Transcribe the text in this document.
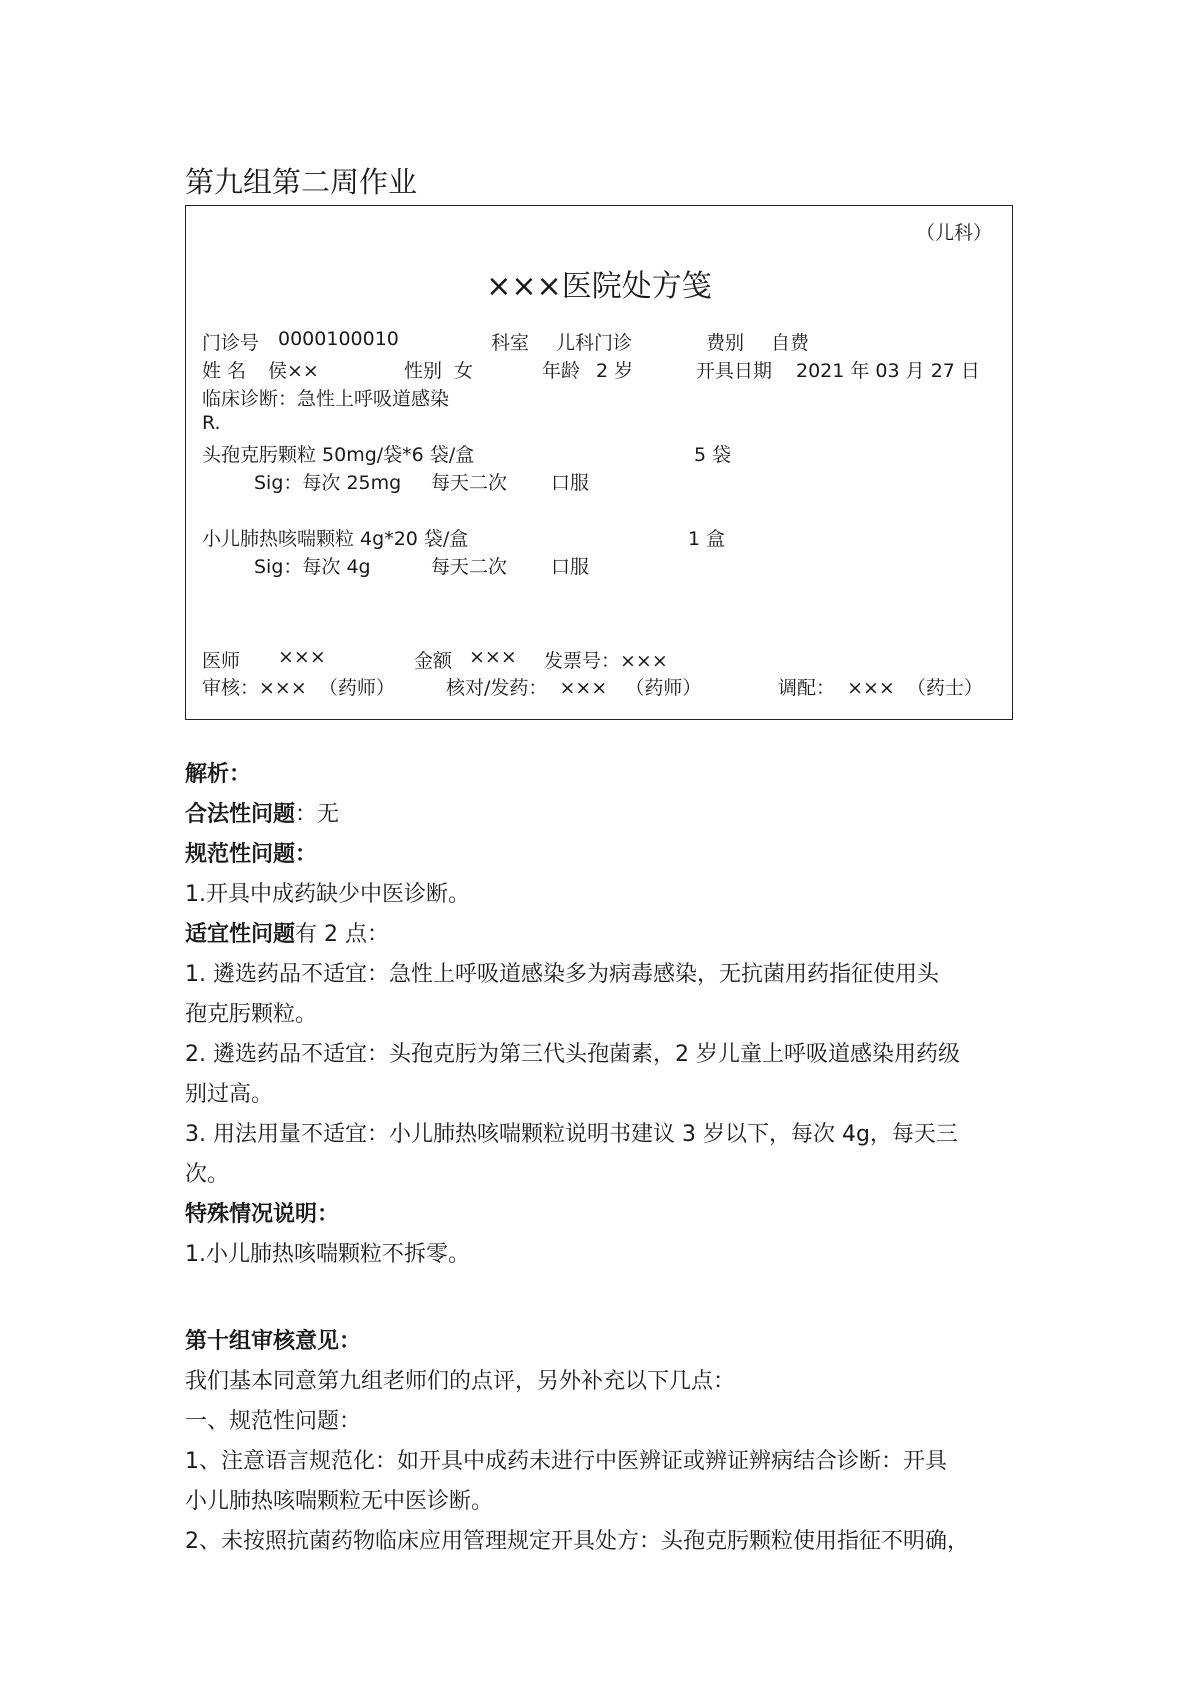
第九组第二周作业
（儿科）
×××医院处方笺
门诊号 0000100010	科室 儿科门诊	费别 自费
姓 名 侯××	性别 女	年龄 2 岁	开具日期 2021 年 03 月 27 日
临床诊断：急性上呼吸道感染
R.
头孢克肟颗粒 50mg/袋*6 袋/盒	5 袋
Sig：每次 25mg 每天二次 口服
小儿肺热咳喘颗粒 4g*20 袋/盒	1 盒
Sig：每次 4g	每天二次 口服
医师 ×××	金额 ××× 发票号：×××
审核：×××  （药师）	核对/发药：  ×××   （药师）	调配：  ×××  （药士）
解析：
合法性问题：无
规范性问题：
1.开具中成药缺少中医诊断。
适宜性问题有 2 点：
1. 遴选药品不适宜：急性上呼吸道感染多为病毒感染，无抗菌用药指征使用头
孢克肟颗粒。
2. 遴选药品不适宜：头孢克肟为第三代头孢菌素，2 岁儿童上呼吸道感染用药级
别过高。
3. 用法用量不适宜：小儿肺热咳喘颗粒说明书建议 3 岁以下，每次 4g，每天三
次。
特殊情况说明：
1.小儿肺热咳喘颗粒不拆零。
第十组审核意见：
我们基本同意第九组老师们的点评，另外补充以下几点：
一、规范性问题：
1、注意语言规范化：如开具中成药未进行中医辨证或辨证辨病结合诊断：开具
小儿肺热咳喘颗粒无中医诊断。
2、未按照抗菌药物临床应用管理规定开具处方：头孢克肟颗粒使用指征不明确，
